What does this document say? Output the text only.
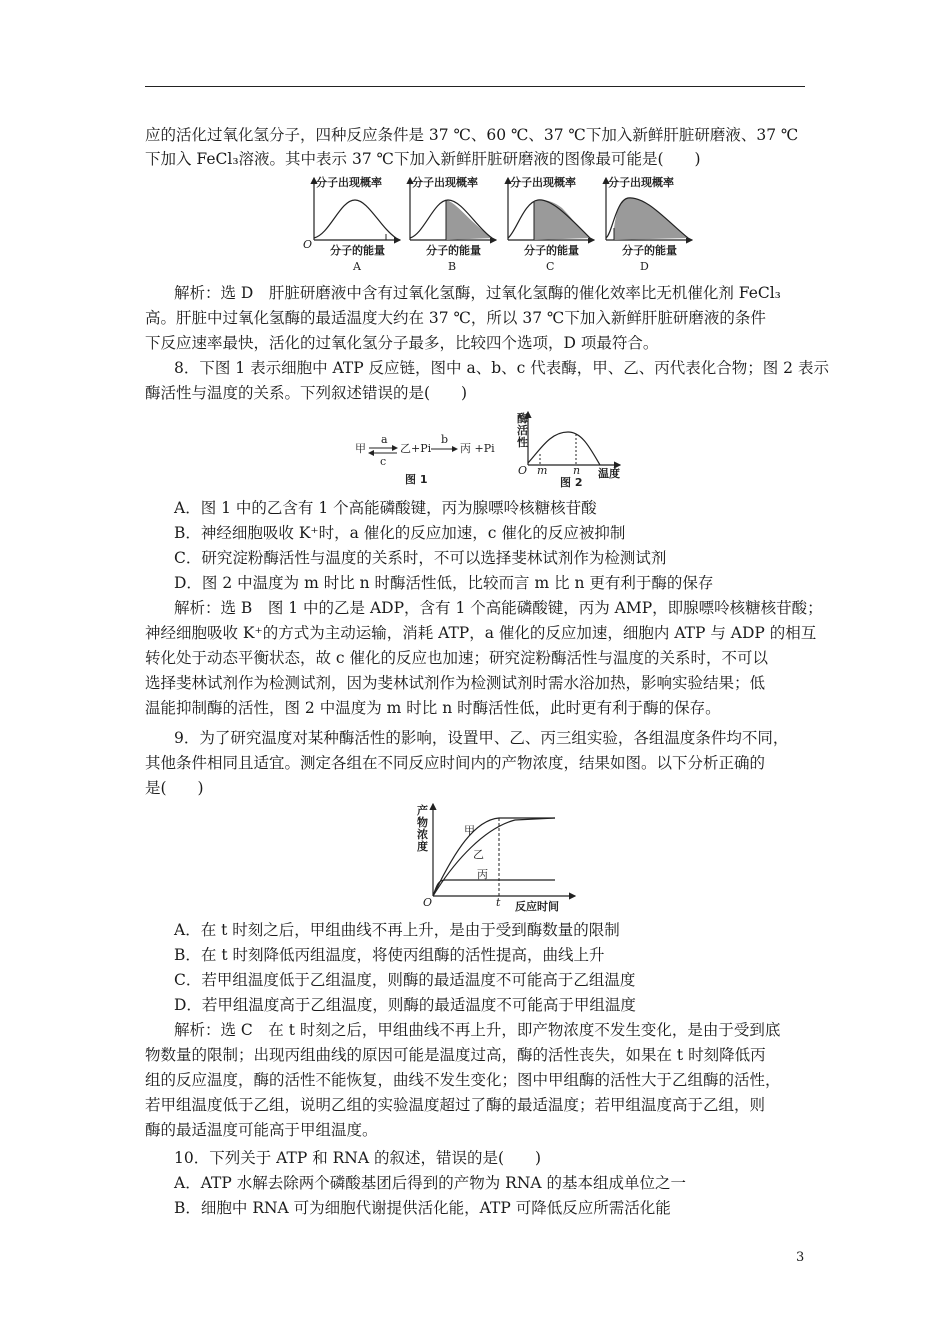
应的活化过氧化氢分子，四种反应条件是 37 ℃、60 ℃、37 ℃下加入新鲜肝脏研磨液、37 ℃
下加入 FeCl₃溶液。其中表示 37 ℃下加入新鲜肝脏研磨液的图像最可能是(　　)
分子出现概率
分子的能量
O
A
分子出现概率
分子的能量
B
分子出现概率
分子的能量
C
分子出现概率
分子的能量
D
解析：选 D　肝脏研磨液中含有过氧化氢酶，过氧化氢酶的催化效率比无机催化剂 FeCl₃
高。肝脏中过氧化氢酶的最适温度大约在 37 ℃，所以 37 ℃下加入新鲜肝脏研磨液的条件
下反应速率最快，活化的过氧化氢分子最多，比较四个选项，D 项最符合。
8．下图 1 表示细胞中 ATP 反应链，图中 a、b、c 代表酶，甲、乙、丙代表化合物；图 2 表示
酶活性与温度的关系。下列叙述错误的是(　　)
甲
a
c
乙+Pi
b
丙 +Pi
图 1
酶活性
O m n 温度
图 2
A．图 1 中的乙含有 1 个高能磷酸键，丙为腺嘌呤核糖核苷酸
B．神经细胞吸收 K⁺时，a 催化的反应加速，c 催化的反应被抑制
C．研究淀粉酶活性与温度的关系时，不可以选择斐林试剂作为检测试剂
D．图 2 中温度为 m 时比 n 时酶活性低，比较而言 m 比 n 更有利于酶的保存
解析：选 B　图 1 中的乙是 ADP，含有 1 个高能磷酸键，丙为 AMP，即腺嘌呤核糖核苷酸；
神经细胞吸收 K⁺的方式为主动运输，消耗 ATP，a 催化的反应加速，细胞内 ATP 与 ADP 的相互
转化处于动态平衡状态，故 c 催化的反应也加速；研究淀粉酶活性与温度的关系时，不可以
选择斐林试剂作为检测试剂，因为斐林试剂作为检测试剂时需水浴加热，影响实验结果；低
温能抑制酶的活性，图 2 中温度为 m 时比 n 时酶活性低，此时更有利于酶的保存。
9．为了研究温度对某种酶活性的影响，设置甲、乙、丙三组实验，各组温度条件均不同，
其他条件相同且适宜。测定各组在不同反应时间内的产物浓度，结果如图。以下分析正确的
是(　　)
产物浓度
甲
乙
丙
O	t 反应时间
A．在 t 时刻之后，甲组曲线不再上升，是由于受到酶数量的限制
B．在 t 时刻降低丙组温度，将使丙组酶的活性提高，曲线上升
C．若甲组温度低于乙组温度，则酶的最适温度不可能高于乙组温度
D．若甲组温度高于乙组温度，则酶的最适温度不可能高于甲组温度
解析：选 C　在 t 时刻之后，甲组曲线不再上升，即产物浓度不发生变化，是由于受到底
物数量的限制；出现丙组曲线的原因可能是温度过高，酶的活性丧失，如果在 t 时刻降低丙
组的反应温度，酶的活性不能恢复，曲线不发生变化；图中甲组酶的活性大于乙组酶的活性，
若甲组温度低于乙组，说明乙组的实验温度超过了酶的最适温度；若甲组温度高于乙组，则
酶的最适温度可能高于甲组温度。
10．下列关于 ATP 和 RNA 的叙述，错误的是(　　)
A．ATP 水解去除两个磷酸基团后得到的产物为 RNA 的基本组成单位之一
B．细胞中 RNA 可为细胞代谢提供活化能，ATP 可降低反应所需活化能
3
